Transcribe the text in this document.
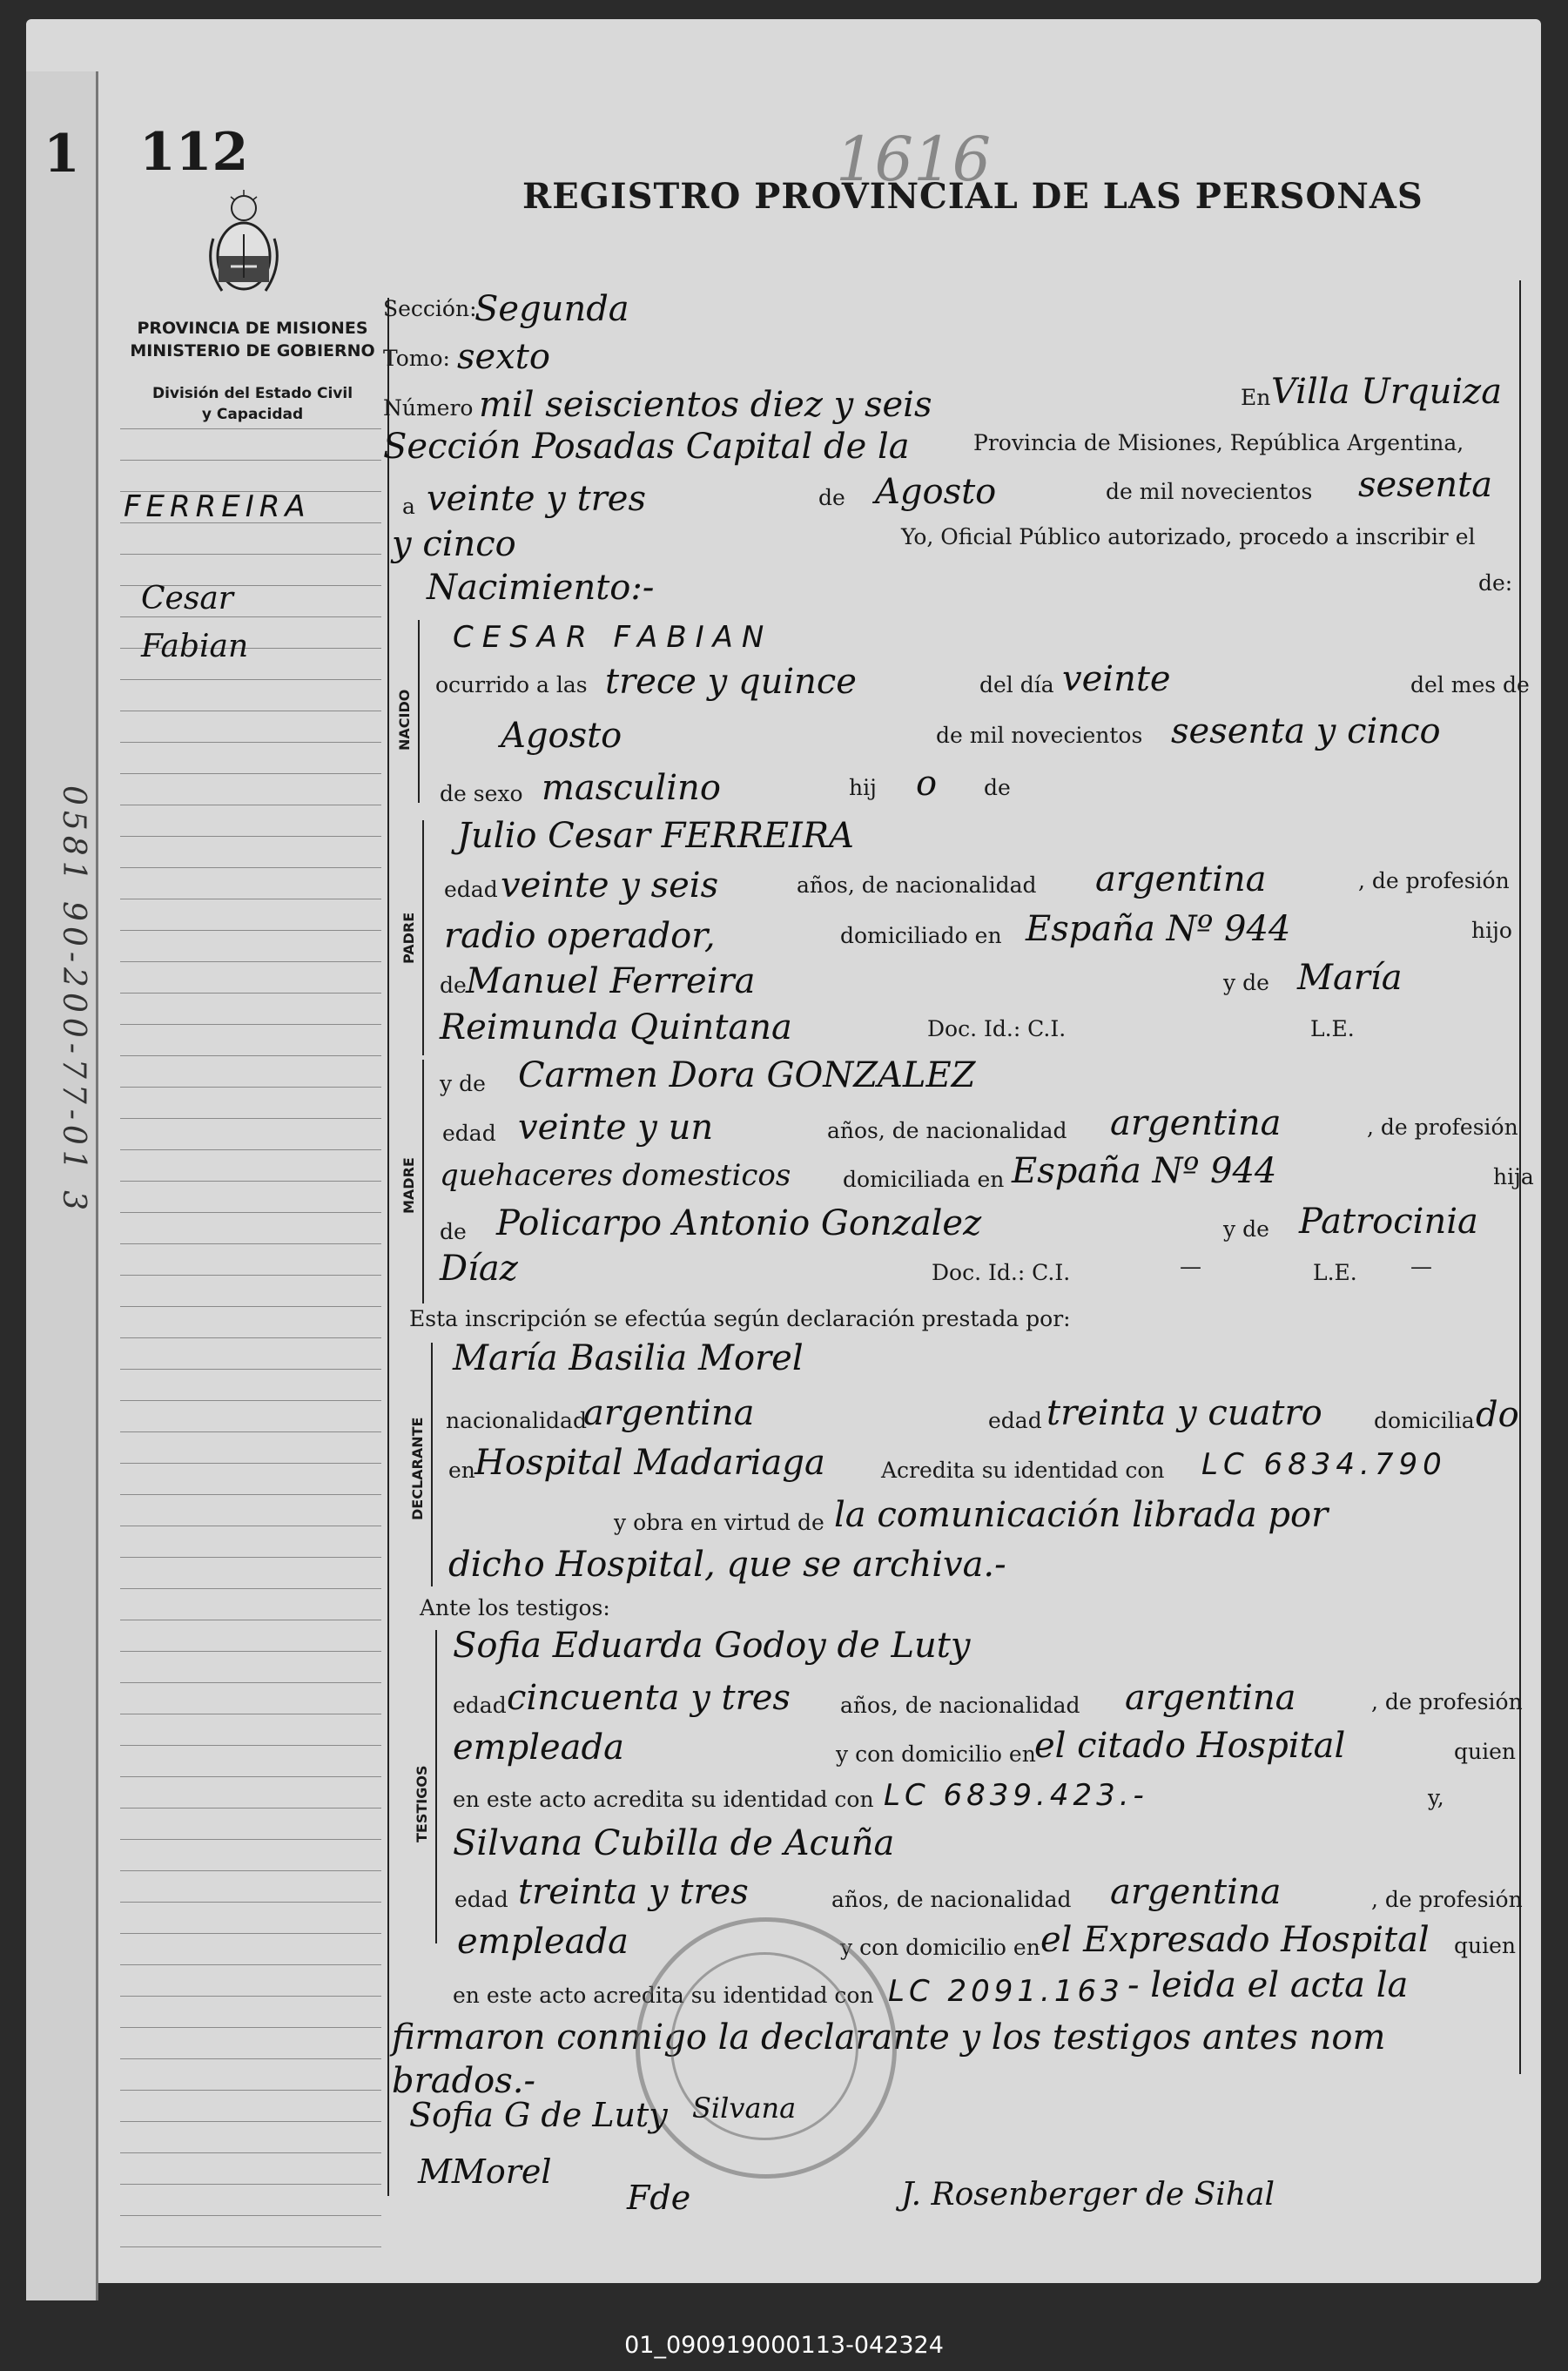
1 112	1616
REGISTRO PROVINCIAL DE LAS PERSONAS
PROVINCIA DE MISIONES
MINISTERIO DE GOBIERNO
División del Estado Civil
y Capacidad
FERREIRA
Cesar
Fabian
0581 90-200-77-01 3
Sección:
Segunda
Tomo: sexto
Número mil seiscientos diez y seis	En Villa Urquiza
Sección Posadas Capital de la	Provincia de Misiones, República Argentina,
a veinte y tres	de Agosto	de mil novecientos sesenta
y cinco	Yo, Oficial Público autorizado, procedo a inscribir el
Nacimiento:-	de:
NACIDO
CESAR FABIAN
ocurrido a las trece y quince	del día veinte	del mes de
Agosto	de mil novecientos sesenta y cinco
de sexo masculino	hij o de
PADRE
Julio Cesar FERREIRA
edad veinte y seis	años, de nacionalidad argentina	, de profesión
radio operador,	domiciliado en España Nº 944	hijo
de Manuel Ferreira	y de María
Reimunda Quintana	Doc. Id.: C.I.	L.E.
MADRE
y de Carmen Dora GONZALEZ
edad veinte y un	años, de nacionalidad argentina	, de profesión
quehaceres domesticos domiciliada en España Nº 944	hija
de Policarpo Antonio Gonzalez	y de Patrocinia
Díaz	Doc. Id.: C.I.	—	L.E. —
Esta inscripción se efectúa según declaración prestada por:
DECLARANTE
María Basilia Morel
nacionalidad
argentina	edad treinta y cuatro domicilia do
en Hospital Madariaga	Acredita su identidad con LC 6834.790
y obra en virtud de la comunicación librada por
dicho Hospital, que se archiva.-
Ante los testigos:
TESTIGOS
Sofia Eduarda Godoy de Luty
edad cincuenta y tres años, de nacionalidad argentina	, de profesión
empleada	y con domicilio en
el citado Hospital	quien
en este acto acredita su identidad con LC 6839.423.-	y,
Silvana Cubilla de Acuña
edad treinta y tres	años, de nacionalidad argentina	, de profesión
empleada	y con domicilio en el Expresado Hospital quien
en este acto acredita su identidad con LC 2091.163 - leida el acta la
firmaron conmigo la declarante y los testigos antes nom
brados.-
Sofia G de Luty Silvana
MMorel
Fde	J. Rosenberger de Sihal
01_090919000113-042324
